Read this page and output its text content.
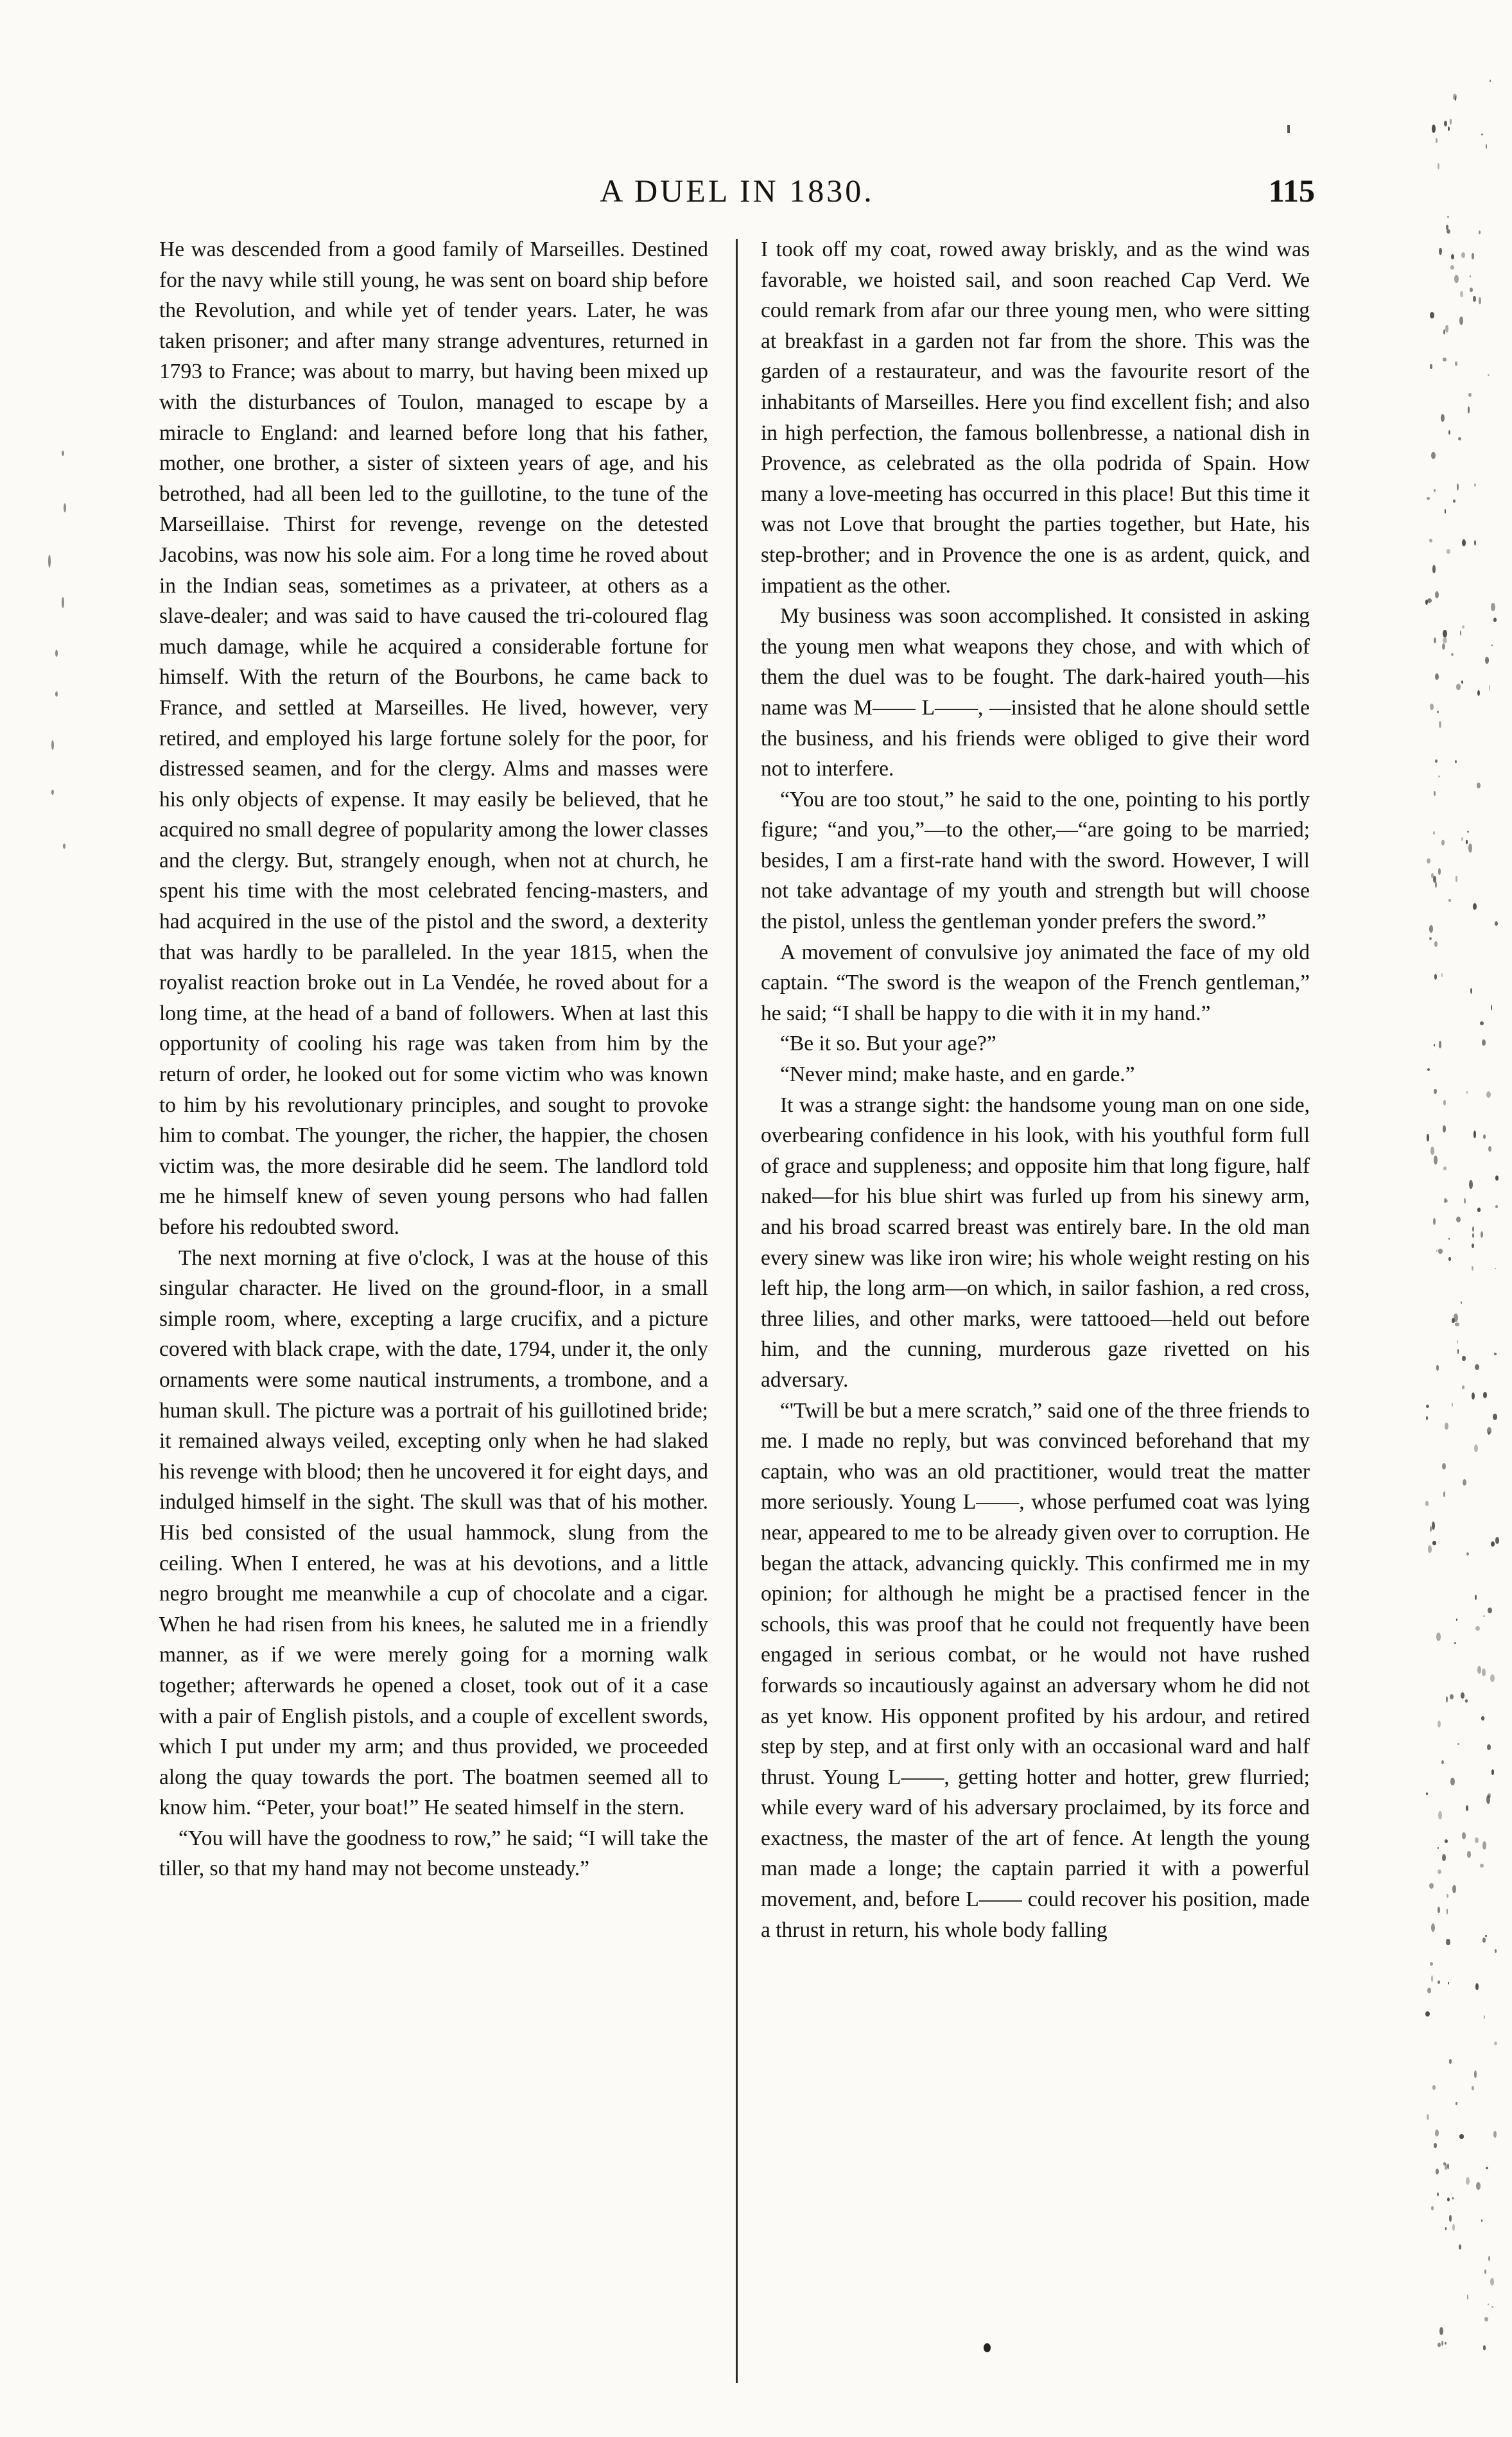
A DUEL IN 1830.	115

He was descended from a good family of Marseilles. Destined for the navy while still young, he was sent on board ship before the Revolution, and while yet of tender years. Later, he was taken prisoner; and after many strange adventures, returned in 1793 to France; was about to marry, but having been mixed up with the disturbances of Toulon, managed to escape by a miracle to England: and learned before long that his father, mother, one brother, a sister of sixteen years of age, and his betrothed, had all been led to the guillotine, to the tune of the Marseillaise. Thirst for revenge, revenge on the detested Jacobins, was now his sole aim. For a long time he roved about in the Indian seas, sometimes as a privateer, at others as a slave-dealer; and was said to have caused the tri-coloured flag much damage, while he acquired a considerable fortune for himself. With the return of the Bourbons, he came back to France, and settled at Marseilles. He lived, however, very retired, and employed his large fortune solely for the poor, for distressed seamen, and for the clergy. Alms and masses were his only objects of expense. It may easily be believed, that he acquired no small degree of popularity among the lower classes and the clergy. But, strangely enough, when not at church, he spent his time with the most celebrated fencing-masters, and had acquired in the use of the pistol and the sword, a dexterity that was hardly to be paralleled. In the year 1815, when the royalist reaction broke out in La Vendée, he roved about for a long time, at the head of a band of followers. When at last this opportunity of cooling his rage was taken from him by the return of order, he looked out for some victim who was known to him by his revolutionary principles, and sought to provoke him to combat. The younger, the richer, the happier, the chosen victim was, the more desirable did he seem. The landlord told me he himself knew of seven young persons who had fallen before his redoubted sword.

The next morning at five o'clock, I was at the house of this singular character. He lived on the ground-floor, in a small simple room, where, excepting a large crucifix, and a picture covered with black crape, with the date, 1794, under it, the only ornaments were some nautical instruments, a trombone, and a human skull. The picture was a portrait of his guillotined bride; it remained always veiled, excepting only when he had slaked his revenge with blood; then he uncovered it for eight days, and indulged himself in the sight. The skull was that of his mother. His bed consisted of the usual hammock, slung from the ceiling. When I entered, he was at his devotions, and a little negro brought me meanwhile a cup of chocolate and a cigar. When he had risen from his knees, he saluted me in a friendly manner, as if we were merely going for a morning walk together; afterwards he opened a closet, took out of it a case with a pair of English pistols, and a couple of excellent swords, which I put under my arm; and thus provided, we proceeded along the quay towards the port. The boatmen seemed all to know him. “Peter, your boat!” He seated himself in the stern.

“You will have the goodness to row,” he said; “I will take the tiller, so that my hand may not become unsteady.”

I took off my coat, rowed away briskly, and as the wind was favorable, we hoisted sail, and soon reached Cap Verd. We could remark from afar our three young men, who were sitting at breakfast in a garden not far from the shore. This was the garden of a restaurateur, and was the favourite resort of the inhabitants of Marseilles. Here you find excellent fish; and also in high perfection, the famous bollenbresse, a national dish in Provence, as celebrated as the olla podrida of Spain. How many a love-meeting has occurred in this place! But this time it was not Love that brought the parties together, but Hate, his step-brother; and in Provence the one is as ardent, quick, and impatient as the other.

My business was soon accomplished. It consisted in asking the young men what weapons they chose, and with which of them the duel was to be fought. The dark-haired youth—his name was M—— L——, —insisted that he alone should settle the business, and his friends were obliged to give their word not to interfere.

“You are too stout,” he said to the one, pointing to his portly figure; “and you,”—to the other,—“are going to be married; besides, I am a first-rate hand with the sword. However, I will not take advantage of my youth and strength but will choose the pistol, unless the gentleman yonder prefers the sword.”

A movement of convulsive joy animated the face of my old captain. “The sword is the weapon of the French gentleman,” he said; “I shall be happy to die with it in my hand.”

“Be it so. But your age?”

“Never mind; make haste, and en garde.”

It was a strange sight: the handsome young man on one side, overbearing confidence in his look, with his youthful form full of grace and suppleness; and opposite him that long figure, half naked—for his blue shirt was furled up from his sinewy arm, and his broad scarred breast was entirely bare. In the old man every sinew was like iron wire; his whole weight resting on his left hip, the long arm—on which, in sailor fashion, a red cross, three lilies, and other marks, were tattooed—held out before him, and the cunning, murderous gaze rivetted on his adversary.

“'Twill be but a mere scratch,” said one of the three friends to me. I made no reply, but was convinced beforehand that my captain, who was an old practitioner, would treat the matter more seriously. Young L——, whose perfumed coat was lying near, appeared to me to be already given over to corruption. He began the attack, advancing quickly. This confirmed me in my opinion; for although he might be a practised fencer in the schools, this was proof that he could not frequently have been engaged in serious combat, or he would not have rushed forwards so incautiously against an adversary whom he did not as yet know. His opponent profited by his ardour, and retired step by step, and at first only with an occasional ward and half thrust. Young L——, getting hotter and hotter, grew flurried; while every ward of his adversary proclaimed, by its force and exactness, the master of the art of fence. At length the young man made a longe; the captain parried it with a powerful movement, and, before L—— could recover his position, made a thrust in return, his whole body falling
